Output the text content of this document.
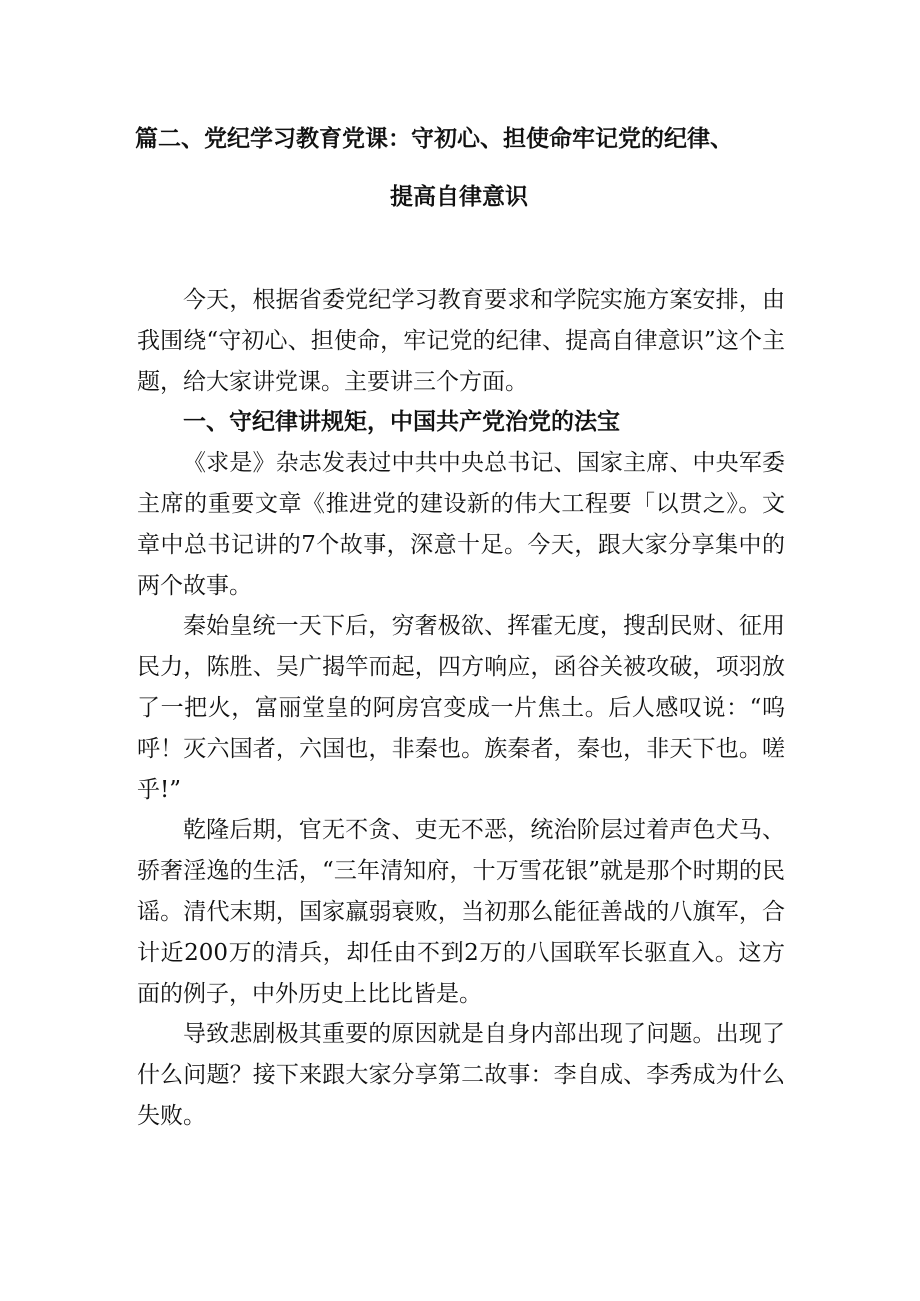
篇二、党纪学习教育党课：守初心、担使命牢记党的纪律、
提高自律意识

今天，根据省委党纪学习教育要求和学院实施方案安排，由我围绕“守初心、担使命，牢记党的纪律、提高自律意识”这个主题，给大家讲党课。主要讲三个方面。

一、守纪律讲规矩，中国共产党治党的法宝

《求是》杂志发表过中共中央总书记、国家主席、中央军委主席的重要文章《推进党的建设新的伟大工程要「以贯之》。文章中总书记讲的7个故事，深意十足。今天，跟大家分享集中的两个故事。

秦始皇统一天下后，穷奢极欲、挥霍无度，搜刮民财、征用民力，陈胜、吴广揭竿而起，四方响应，函谷关被攻破，项羽放了一把火，富丽堂皇的阿房宫变成一片焦土。后人感叹说：“呜呼！灭六国者，六国也，非秦也。族秦者，秦也，非天下也。嗟乎!”

乾隆后期，官无不贪、吏无不恶，统治阶层过着声色犬马、骄奢淫逸的生活，“三年清知府，十万雪花银”就是那个时期的民谣。清代末期，国家羸弱衰败，当初那么能征善战的八旗军，合计近200万的清兵，却任由不到2万的八国联军长驱直入。这方面的例子，中外历史上比比皆是。

导致悲剧极其重要的原因就是自身内部出现了问题。出现了什么问题？接下来跟大家分享第二故事：李自成、李秀成为什么失败。
